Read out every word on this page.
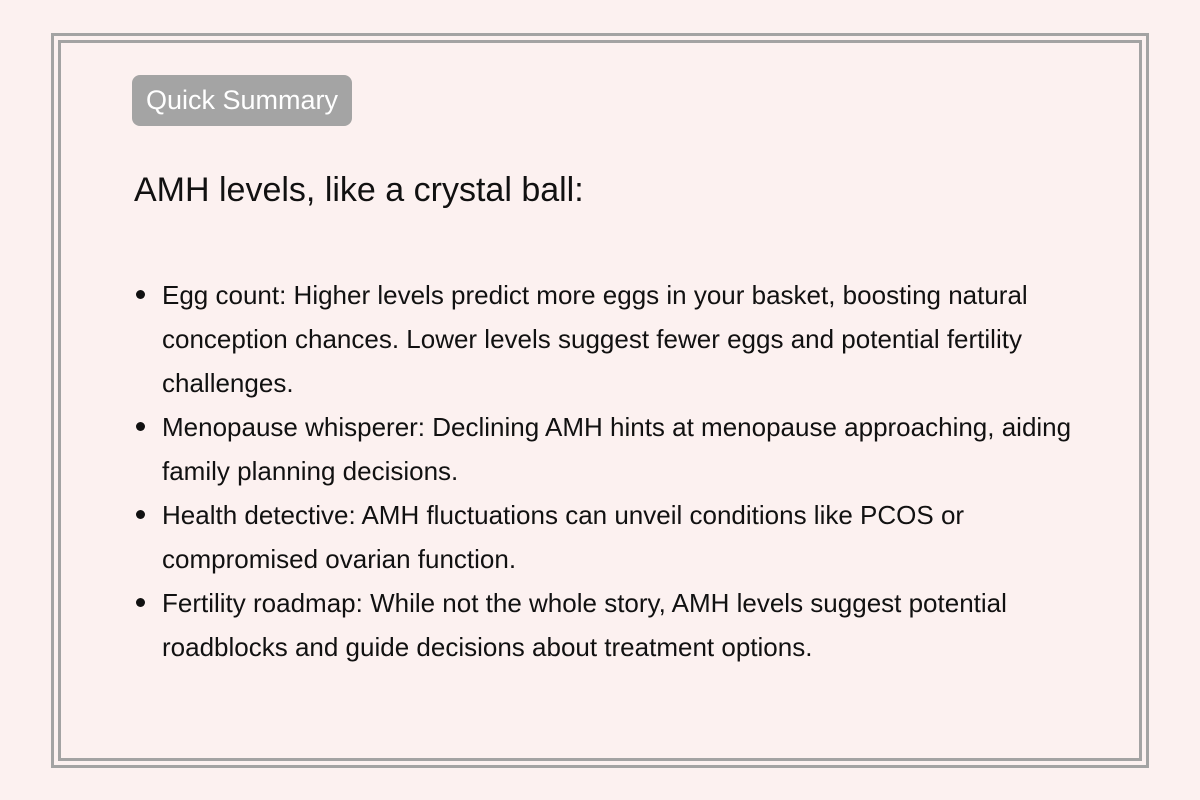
Quick Summary
AMH levels, like a crystal ball:
Egg count: Higher levels predict more eggs in your basket, boosting natural conception chances. Lower levels suggest fewer eggs and potential fertility challenges.
Menopause whisperer: Declining AMH hints at menopause approaching, aiding family planning decisions.
Health detective: AMH fluctuations can unveil conditions like PCOS or compromised ovarian function.
Fertility roadmap: While not the whole story, AMH levels suggest potential roadblocks and guide decisions about treatment options.
